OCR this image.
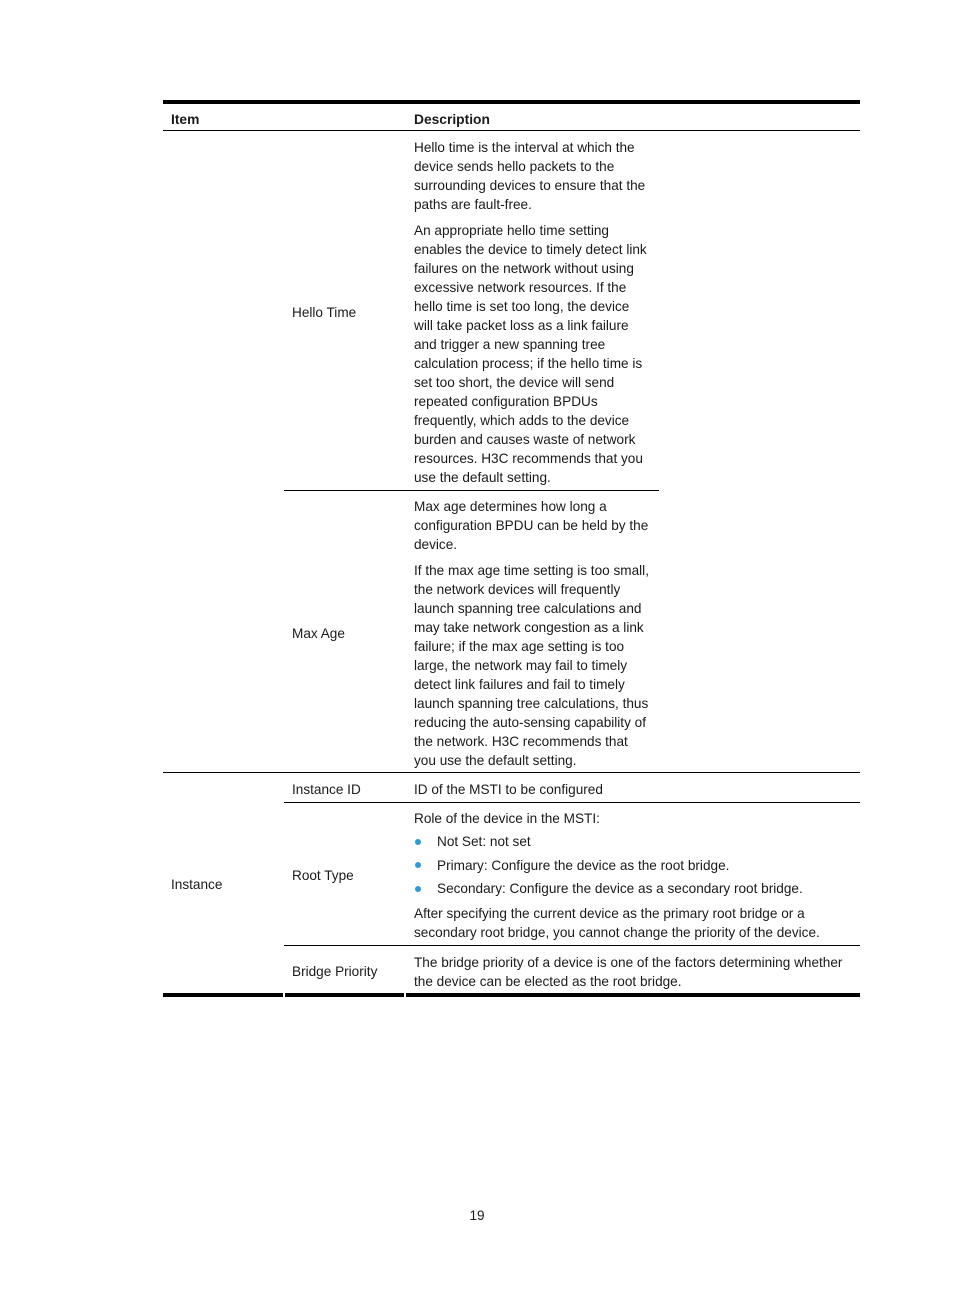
Item	Description
Hello Time
Hello time is the interval at which the
device sends hello packets to the
surrounding devices to ensure that the
paths are fault-free.
An appropriate hello time setting
enables the device to timely detect link
failures on the network without using
excessive network resources. If the
hello time is set too long, the device
will take packet loss as a link failure
and trigger a new spanning tree
calculation process; if the hello time is
set too short, the device will send
repeated configuration BPDUs
frequently, which adds to the device
burden and causes waste of network
resources. H3C recommends that you
use the default setting.
Max Age
Max age determines how long a
configuration BPDU can be held by the
device.
If the max age time setting is too small,
the network devices will frequently
launch spanning tree calculations and
may take network congestion as a link
failure; if the max age setting is too
large, the network may fail to timely
detect link failures and fail to timely
launch spanning tree calculations, thus
reducing the auto-sensing capability of
the network. H3C recommends that
you use the default setting.
Instance
Instance ID	ID of the MSTI to be configured
Root Type
Role of the device in the MSTI:
Not Set: not set
Primary: Configure the device as the root bridge.
Secondary: Configure the device as a secondary root bridge.
After specifying the current device as the primary root bridge or a
secondary root bridge, you cannot change the priority of the device.
Bridge Priority
The bridge priority of a device is one of the factors determining whether
the device can be elected as the root bridge.
19
